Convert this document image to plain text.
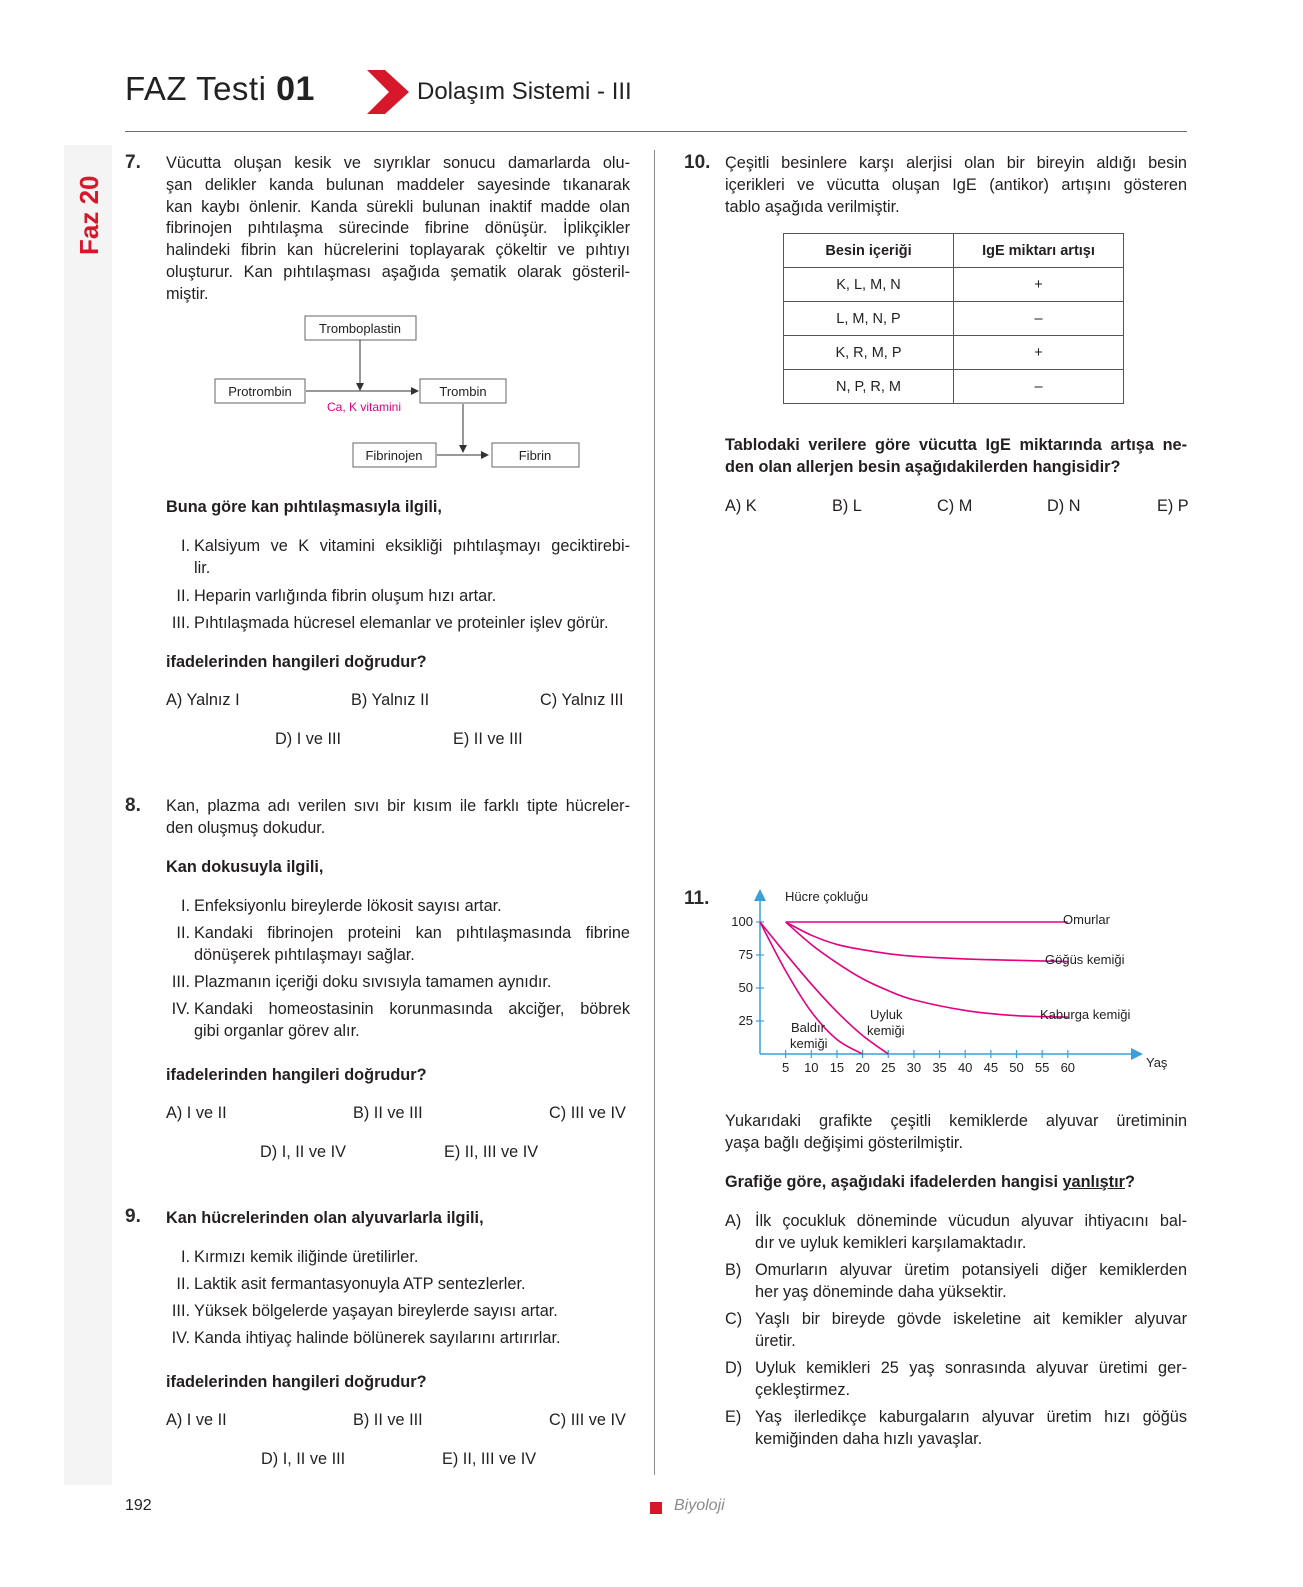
Faz 20
FAZ Testi 01	Dolaşım Sistemi - III
7. Vücutta oluşan kesik ve sıyrıklar sonucu damarlarda olu-
şan delikler kanda bulunan maddeler sayesinde tıkanarak
kan kaybı önlenir. Kanda sürekli bulunan inaktif madde olan
fibrinojen pıhtılaşma sürecinde fibrine dönüşür. İplikçikler
halindeki fibrin kan hücrelerini toplayarak çökeltir ve pıhtıyı
oluşturur. Kan pıhtılaşması aşağıda şematik olarak gösteril-
miştir.
Tromboplastin
Protrombin	Trombin
Ca, K vitamini
Fibrinojen	Fibrin
Buna göre kan pıhtılaşmasıyla ilgili,
I. Kalsiyum ve K vitamini eksikliği pıhtılaşmayı geciktirebi-
lir.
II. Heparin varlığında fibrin oluşum hızı artar.
III. Pıhtılaşmada hücresel elemanlar ve proteinler işlev görür.
ifadelerinden hangileri doğrudur?
A) Yalnız I	B) Yalnız II	C) Yalnız III
D) I ve III	E) II ve III
8. Kan, plazma adı verilen sıvı bir kısım ile farklı tipte hücreler-
den oluşmuş dokudur.
Kan dokusuyla ilgili,
I. Enfeksiyonlu bireylerde lökosit sayısı artar.
II. Kandaki fibrinojen proteini kan pıhtılaşmasında fibrine
dönüşerek pıhtılaşmayı sağlar.
III. Plazmanın içeriği doku sıvısıyla tamamen aynıdır.
IV. Kandaki homeostasinin korunmasında akciğer, böbrek
gibi organlar görev alır.
ifadelerinden hangileri doğrudur?
A) I ve II	B) II ve III	C) III ve IV
D) I, II ve IV	E) II, III ve IV
9. Kan hücrelerinden olan alyuvarlarla ilgili,
I. Kırmızı kemik iliğinde üretilirler.
II. Laktik asit fermantasyonuyla ATP sentezlerler.
III. Yüksek bölgelerde yaşayan bireylerde sayısı artar.
IV. Kanda ihtiyaç halinde bölünerek sayılarını artırırlar.
ifadelerinden hangileri doğrudur?
A) I ve II	B) II ve III	C) III ve IV
D) I, II ve III	E) II, III ve IV
10. Çeşitli besinlere karşı alerjisi olan bir bireyin aldığı besin
içerikleri ve vücutta oluşan IgE (antikor) artışını gösteren
tablo aşağıda verilmiştir.
Besin içeriği	IgE miktarı artışı
K, L, M, N	+
L, M, N, P	–
K, R, M, P	+
N, P, R, M	–
Tablodaki verilere göre vücutta IgE miktarında artışa ne-
den olan allerjen besin aşağıdakilerden hangisidir?
A) K	B) L	C) M	D) N	E) P
11.
5 10 15 20 25 30 35 40 45 50 55 60
25
50
75
100
Hücre çokluğu
Yaş
Omurlar
Göğüs kemiği
Kaburga kemiği
Uyluk
kemiği
Baldır
kemiği
Yukarıdaki grafikte çeşitli kemiklerde alyuvar üretiminin
yaşa bağlı değişimi gösterilmiştir.
Grafiğe göre, aşağıdaki ifadelerden hangisi yanlıştır?
A) İlk çocukluk döneminde vücudun alyuvar ihtiyacını bal-
dır ve uyluk kemikleri karşılamaktadır.
B) Omurların alyuvar üretim potansiyeli diğer kemiklerden
her yaş döneminde daha yüksektir.
C) Yaşlı bir bireyde gövde iskeletine ait kemikler alyuvar
üretir.
D) Uyluk kemikleri 25 yaş sonrasında alyuvar üretimi ger-
çekleştirmez.
E) Yaş ilerledikçe kaburgaların alyuvar üretim hızı göğüs
kemiğinden daha hızlı yavaşlar.
192	Biyoloji
